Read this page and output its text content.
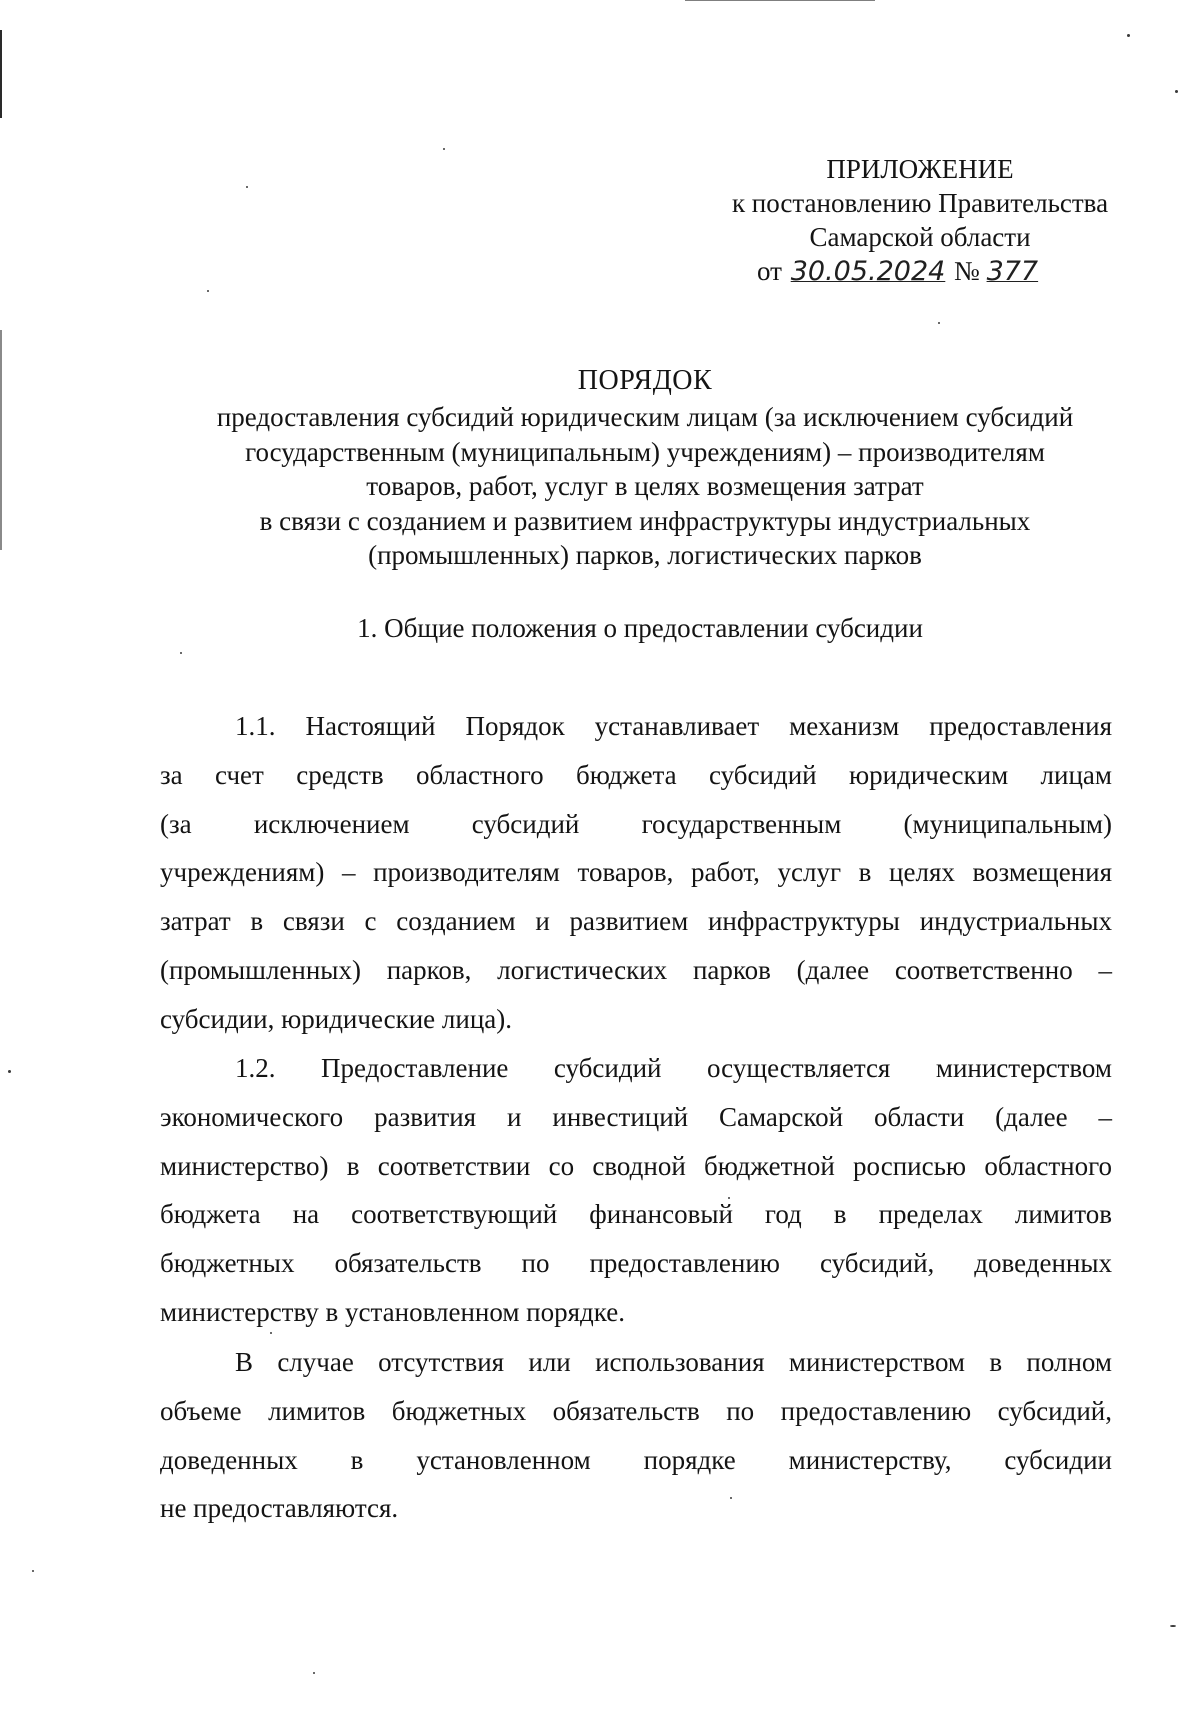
ПРИЛОЖЕНИЕ
к постановлению Правительства
Самарской области
от 30.05.2024 № 377
ПОРЯДОК
предоставления субсидий юридическим лицам (за исключением субсидий
государственным (муниципальным) учреждениям) – производителям
товаров, работ, услуг в целях возмещения затрат
в связи с созданием и развитием инфраструктуры индустриальных
(промышленных) парков, логистических парков
1. Общие положения о предоставлении субсидии
1.1. Настоящий Порядок устанавливает механизм предоставления
за счет средств областного бюджета субсидий юридическим лицам
(за исключением субсидий государственным (муниципальным)
учреждениям) – производителям товаров, работ, услуг в целях возмещения
затрат в связи с созданием и развитием инфраструктуры индустриальных
(промышленных) парков, логистических парков (далее соответственно –
субсидии, юридические лица).
1.2. Предоставление субсидий осуществляется министерством
экономического развития и инвестиций Самарской области (далее –
министерство) в соответствии со сводной бюджетной росписью областного
бюджета на соответствующий финансовый год в пределах лимитов
бюджетных обязательств по предоставлению субсидий, доведенных
министерству в установленном порядке.
В случае отсутствия или использования министерством в полном
объеме лимитов бюджетных обязательств по предоставлению субсидий,
доведенных в установленном порядке министерству, субсидии
не предоставляются.
